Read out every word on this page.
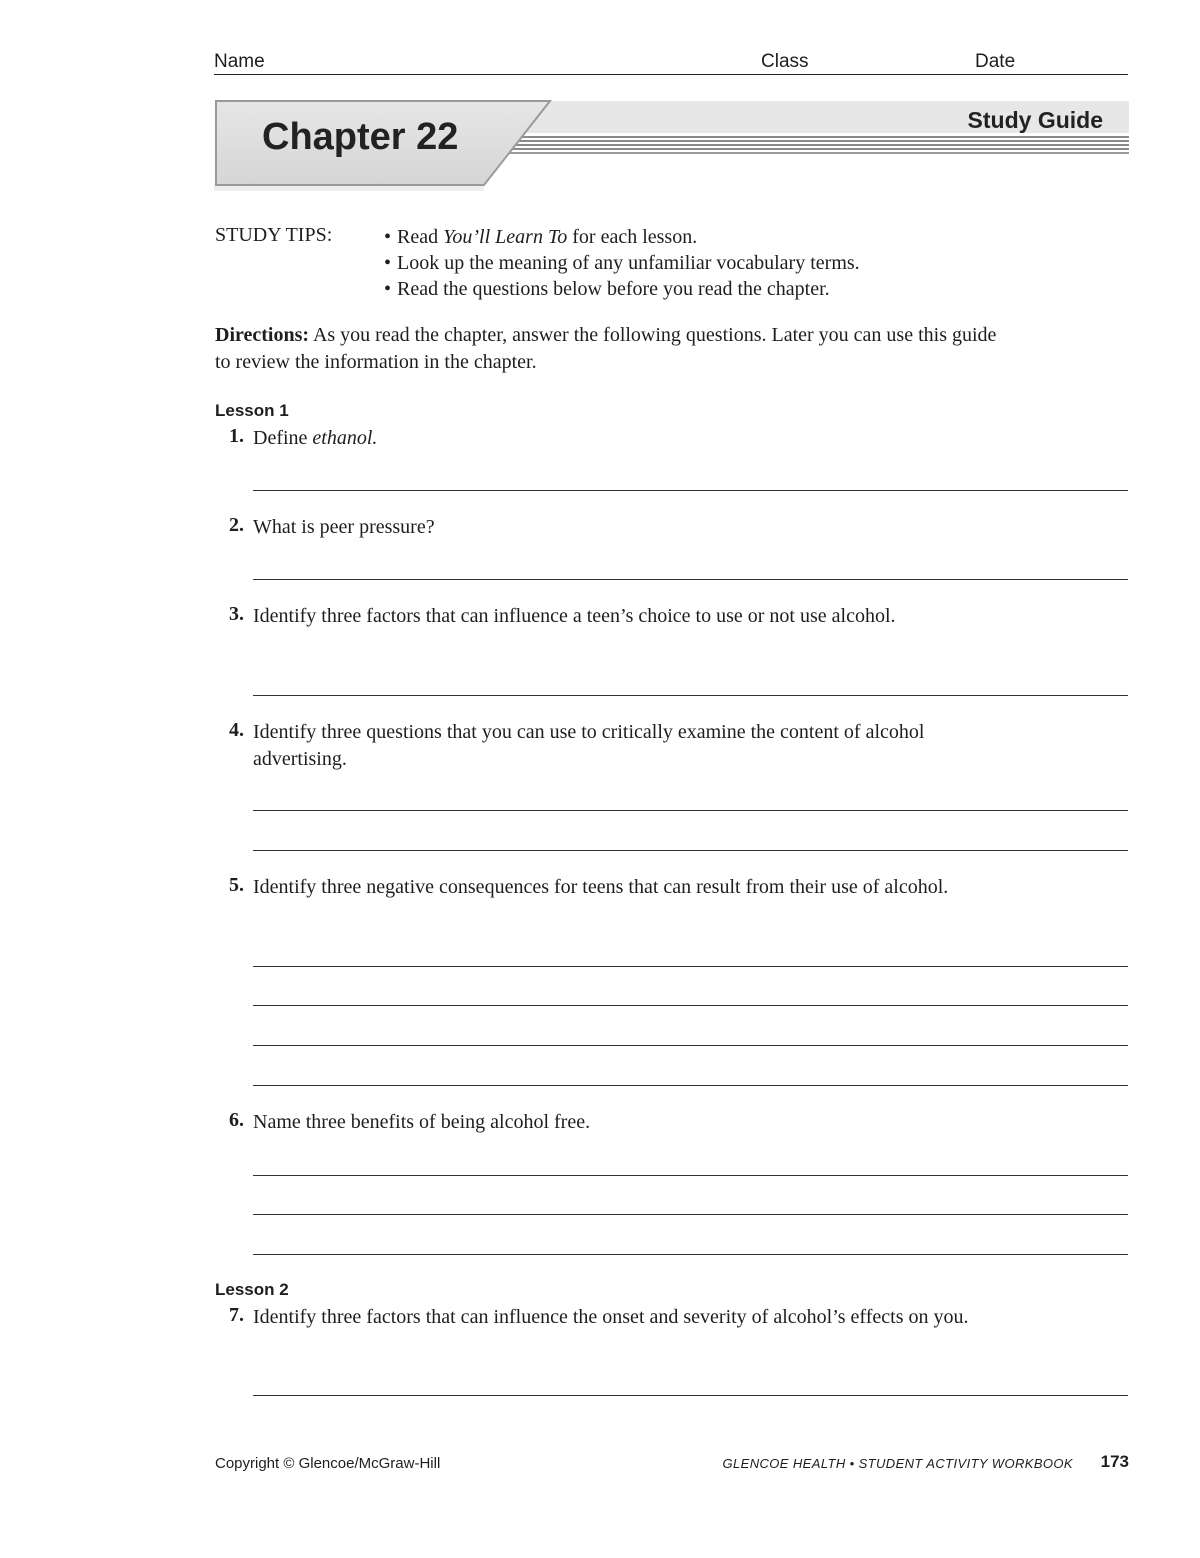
Name	Class	Date
Chapter 22	Study Guide
STUDY TIPS:
•	Read You’ll Learn To for each lesson.
• Look up the meaning of any unfamiliar vocabulary terms.
• Read the questions below before you read the chapter.

Directions: As you read the chapter, answer the following questions. Later you can use this guide to review the information in the chapter.

Lesson 1
1. Define ethanol.

2. What is peer pressure?

3. Identify three factors that can influence a teen’s choice to use or not use alcohol.

4. Identify three questions that you can use to critically examine the content of alcohol advertising.

5. Identify three negative consequences for teens that can result from their use of alcohol.

6. Name three benefits of being alcohol free.

Lesson 2
7. Identify three factors that can influence the onset and severity of alcohol’s effects on you.

Copyright © Glencoe/McGraw-Hill	GLENCOE HEALTH • STUDENT ACTIVITY WORKBOOK 173
